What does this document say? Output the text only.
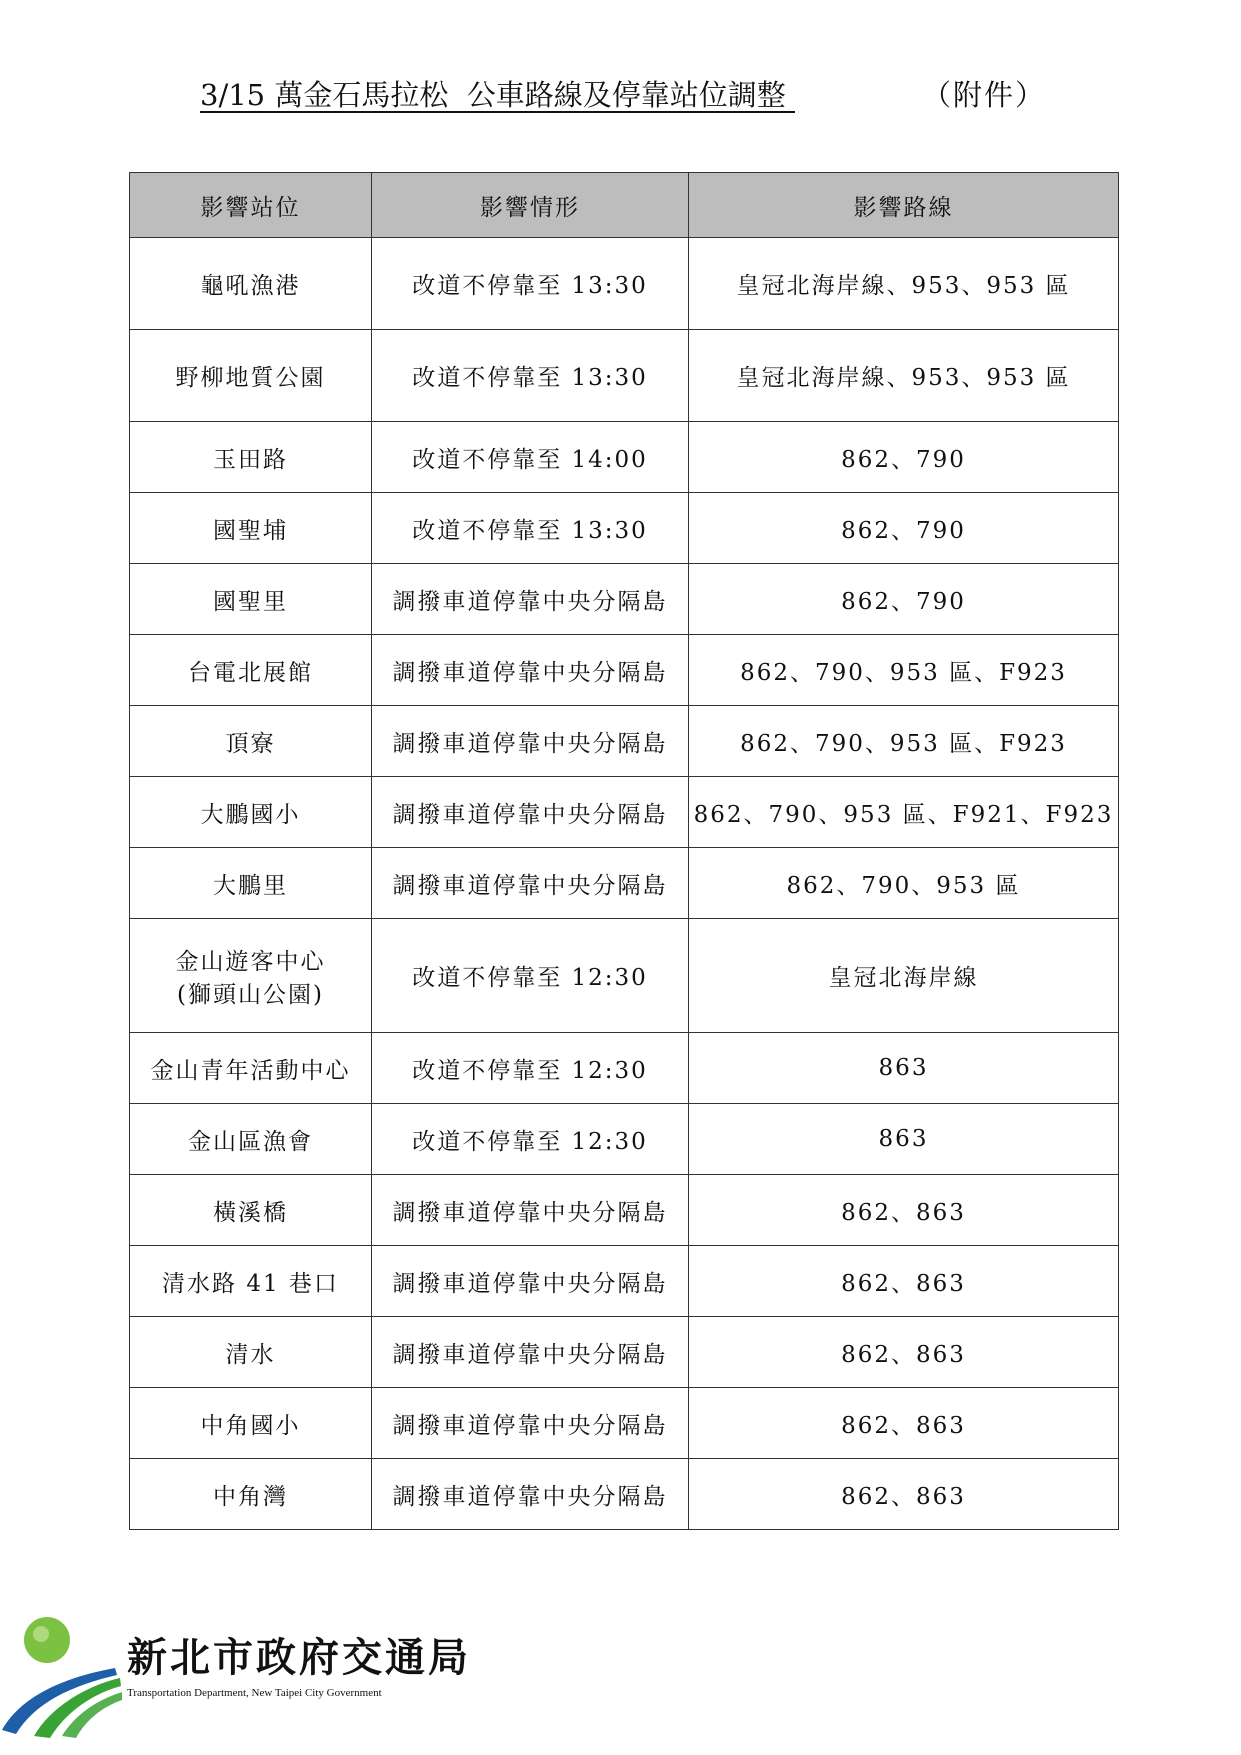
3/15 萬金石馬拉松  公車路線及停靠站位調整	（附件）
影響站位	影響情形	影響路線
龜吼漁港	改道不停靠至 13:30	皇冠北海岸線、953、953 區
野柳地質公園	改道不停靠至 13:30	皇冠北海岸線、953、953 區
玉田路	改道不停靠至 14:00	862、790
國聖埔	改道不停靠至 13:30	862、790
國聖里	調撥車道停靠中央分隔島	862、790
台電北展館	調撥車道停靠中央分隔島	862、790、953 區、F923
頂寮	調撥車道停靠中央分隔島	862、790、953 區、F923
大鵬國小	調撥車道停靠中央分隔島	862、790、953 區、F921、F923
大鵬里	調撥車道停靠中央分隔島	862、790、953 區
金山遊客中心
(獅頭山公園)	改道不停靠至 12:30	皇冠北海岸線
金山青年活動中心	改道不停靠至 12:30	863
金山區漁會	改道不停靠至 12:30	863
橫溪橋	調撥車道停靠中央分隔島	862、863
清水路 41 巷口	調撥車道停靠中央分隔島	862、863
清水	調撥車道停靠中央分隔島	862、863
中角國小	調撥車道停靠中央分隔島	862、863
中角灣	調撥車道停靠中央分隔島	862、863
新北市政府交通局
Transportation Department, New Taipei City Government
